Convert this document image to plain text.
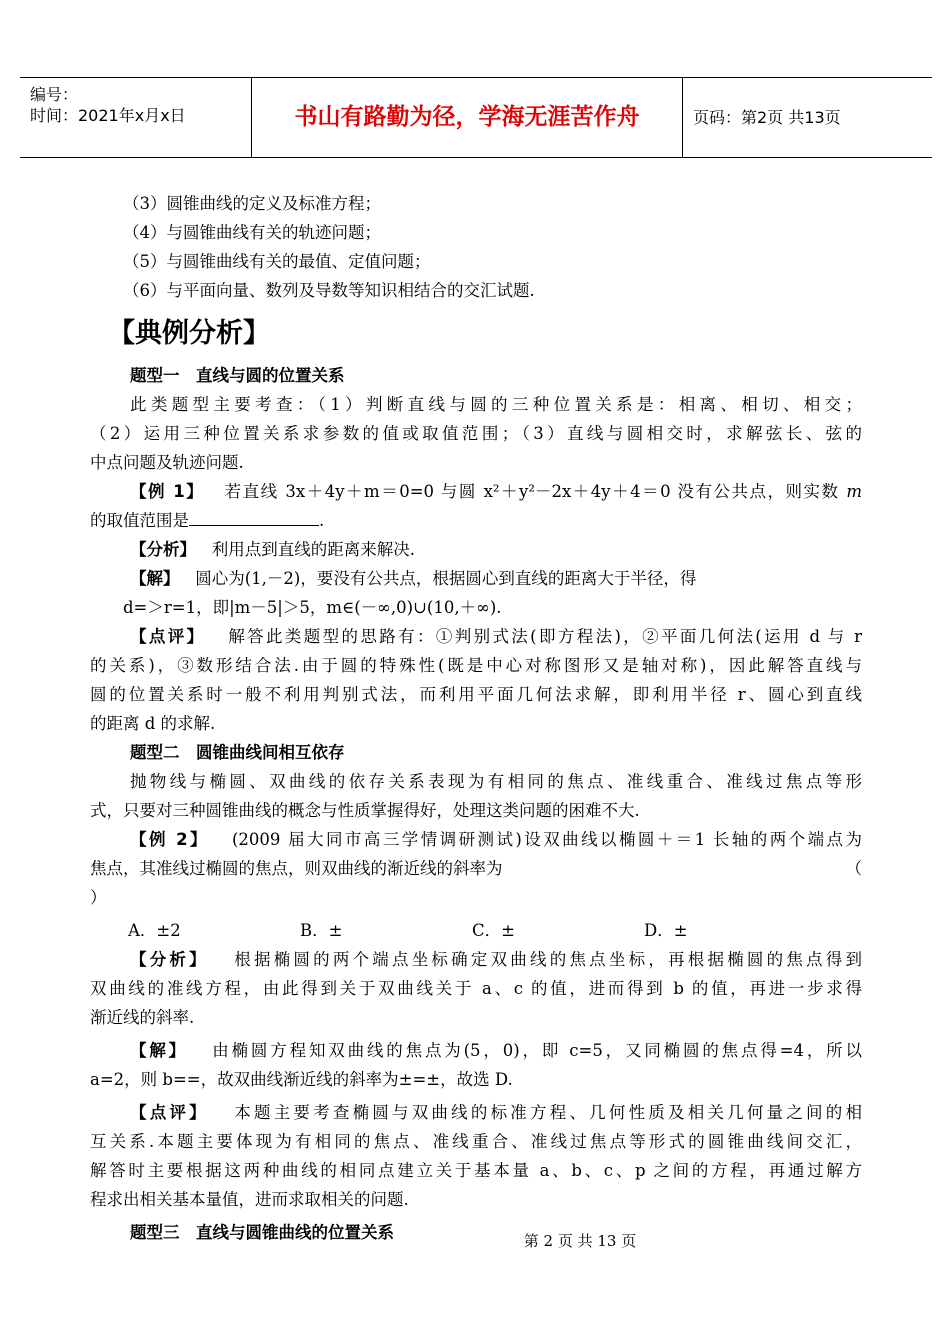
编号：
时间：2021年x月x日	书山有路勤为径，学海无涯苦作舟	页码：第2页 共13页
（3）圆锥曲线的定义及标准方程；
（4）与圆锥曲线有关的轨迹问题；
（5）与圆锥曲线有关的最值、定值问题；
（6）与平面向量、数列及导数等知识相结合的交汇试题.
【典例分析】
题型一　直线与圆的位置关系
此类题型主要考查：（1）判断直线与圆的三种位置关系是：相离、相切、相交；
（2）运用三种位置关系求参数的值或取值范围；（3）直线与圆相交时，求解弦长、弦的
中点问题及轨迹问题.
【例 1】 若直线 3x＋4y＋m＝0=0 与圆 x²＋y²－2x＋4y＋4＝0 没有公共点，则实数 m
的取值范围是	.
【分析】 利用点到直线的距离来解决.
【解】 圆心为(1,－2)，要没有公共点，根据圆心到直线的距离大于半径，得
d=＞r=1，即|m－5|＞5，m∈(－∞,0)∪(10,＋∞).
【点评】 解答此类题型的思路有：①判别式法(即方程法)，②平面几何法(运用 d 与 r
的关系)，③数形结合法.由于圆的特殊性(既是中心对称图形又是轴对称)，因此解答直线与
圆的位置关系时一般不利用判别式法，而利用平面几何法求解，即利用半径 r、圆心到直线
的距离 d 的求解.
题型二　圆锥曲线间相互依存
抛物线与椭圆、双曲线的依存关系表现为有相同的焦点、准线重合、准线过焦点等形
式，只要对三种圆锥曲线的概念与性质掌握得好，处理这类问题的困难不大.
【例 2】 (2009 届大同市高三学情调研测试)设双曲线以椭圆＋＝1 长轴的两个端点为
焦点，其准线过椭圆的焦点，则双曲线的渐近线的斜率为	（
）
A．±2	B．±	C．±	D．±
【分析】 根据椭圆的两个端点坐标确定双曲线的焦点坐标，再根据椭圆的焦点得到
双曲线的准线方程，由此得到关于双曲线关于 a、c 的值，进而得到 b 的值，再进一步求得
渐近线的斜率.
【解】 由椭圆方程知双曲线的焦点为(5，0)，即 c=5，又同椭圆的焦点得=4，所以
a=2，则 b==，故双曲线渐近线的斜率为±=±，故选 D.
【点评】 本题主要考查椭圆与双曲线的标准方程、几何性质及相关几何量之间的相
互关系.本题主要体现为有相同的焦点、准线重合、准线过焦点等形式的圆锥曲线间交汇，
解答时主要根据这两种曲线的相同点建立关于基本量 a、b、c、p 之间的方程，再通过解方
程求出相关基本量值，进而求取相关的问题.
题型三　直线与圆锥曲线的位置关系	第 2 页 共 13 页
